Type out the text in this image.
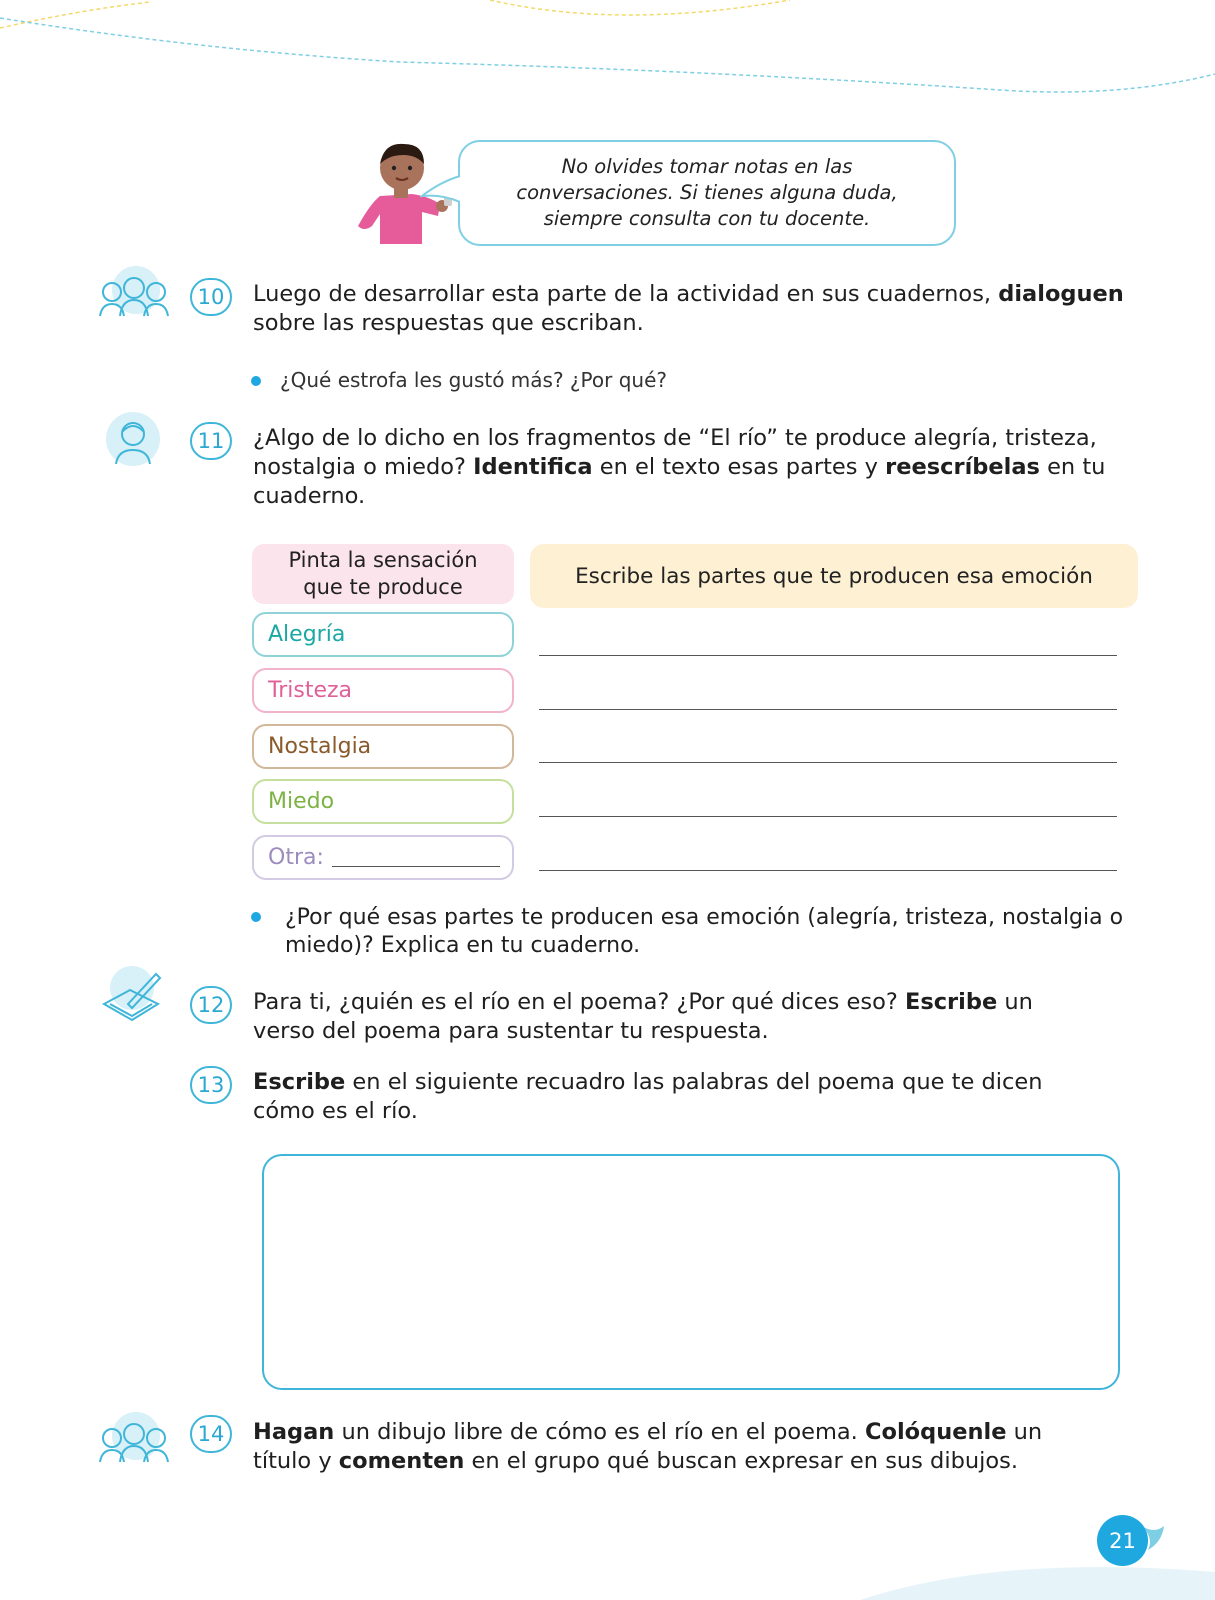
No olvides tomar notas en las
conversaciones. Si tienes alguna duda,
siempre consulta con tu docente.
10	Luego de desarrollar esta parte de la actividad en sus cuadernos, dialoguen
sobre las respuestas que escriban.
¿Qué estrofa les gustó más? ¿Por qué?
11	¿Algo de lo dicho en los fragmentos de “El río” te produce alegría, tristeza,
nostalgia o miedo? Identifica en el texto esas partes y reescríbelas en tu
cuaderno.
Pinta la sensación
que te produce	Escribe las partes que te producen esa emoción
Alegría
Tristeza
Nostalgia
Miedo
Otra:
¿Por qué esas partes te producen esa emoción (alegría, tristeza, nostalgia o
miedo)? Explica en tu cuaderno.
12	Para ti, ¿quién es el río en el poema? ¿Por qué dices eso? Escribe un
verso del poema para sustentar tu respuesta.
13	Escribe en el siguiente recuadro las palabras del poema que te dicen
cómo es el río.
14	Hagan un dibujo libre de cómo es el río en el poema. Colóquenle un
título y comenten en el grupo qué buscan expresar en sus dibujos.
21
